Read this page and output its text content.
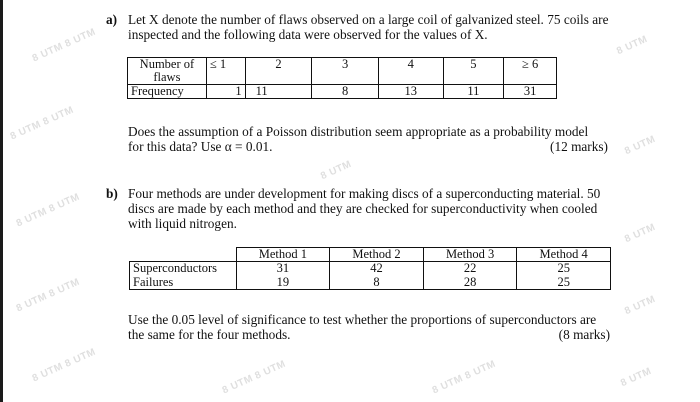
8 UTM 8 UTM
8 UTM 8 UTM
8 UTM 8 UTM
8 UTM 8 UTM
8 UTM 8 UTM
8 UTM
8 UTM
8 UTM
8 UTM
8 UTM
8 UTM 8 UTM
8 UTM 8 UTM
8 UTM
a) Let X denote the number of flaws observed on a large coil of galvanized steel. 75 coils are
inspected and the following data were observed for the values of X.
Number of
flaws	≤ 1	2	3	4	5	≥ 6
Frequency	1	11	8	13	11	31
Does the assumption of a Poisson distribution seem appropriate as a probability model
for this data? Use α = 0.01.	(12 marks)
b) Four methods are under development for making discs of a superconducting material. 50
discs are made by each method and they are checked for superconductivity when cooled
with liquid nitrogen.
	Method 1	Method 2	Method 3	Method 4
Superconductors	31	42	22	25
Failures	19	8	28	25
Use the 0.05 level of significance to test whether the proportions of superconductors are
the same for the four methods.	(8 marks)
